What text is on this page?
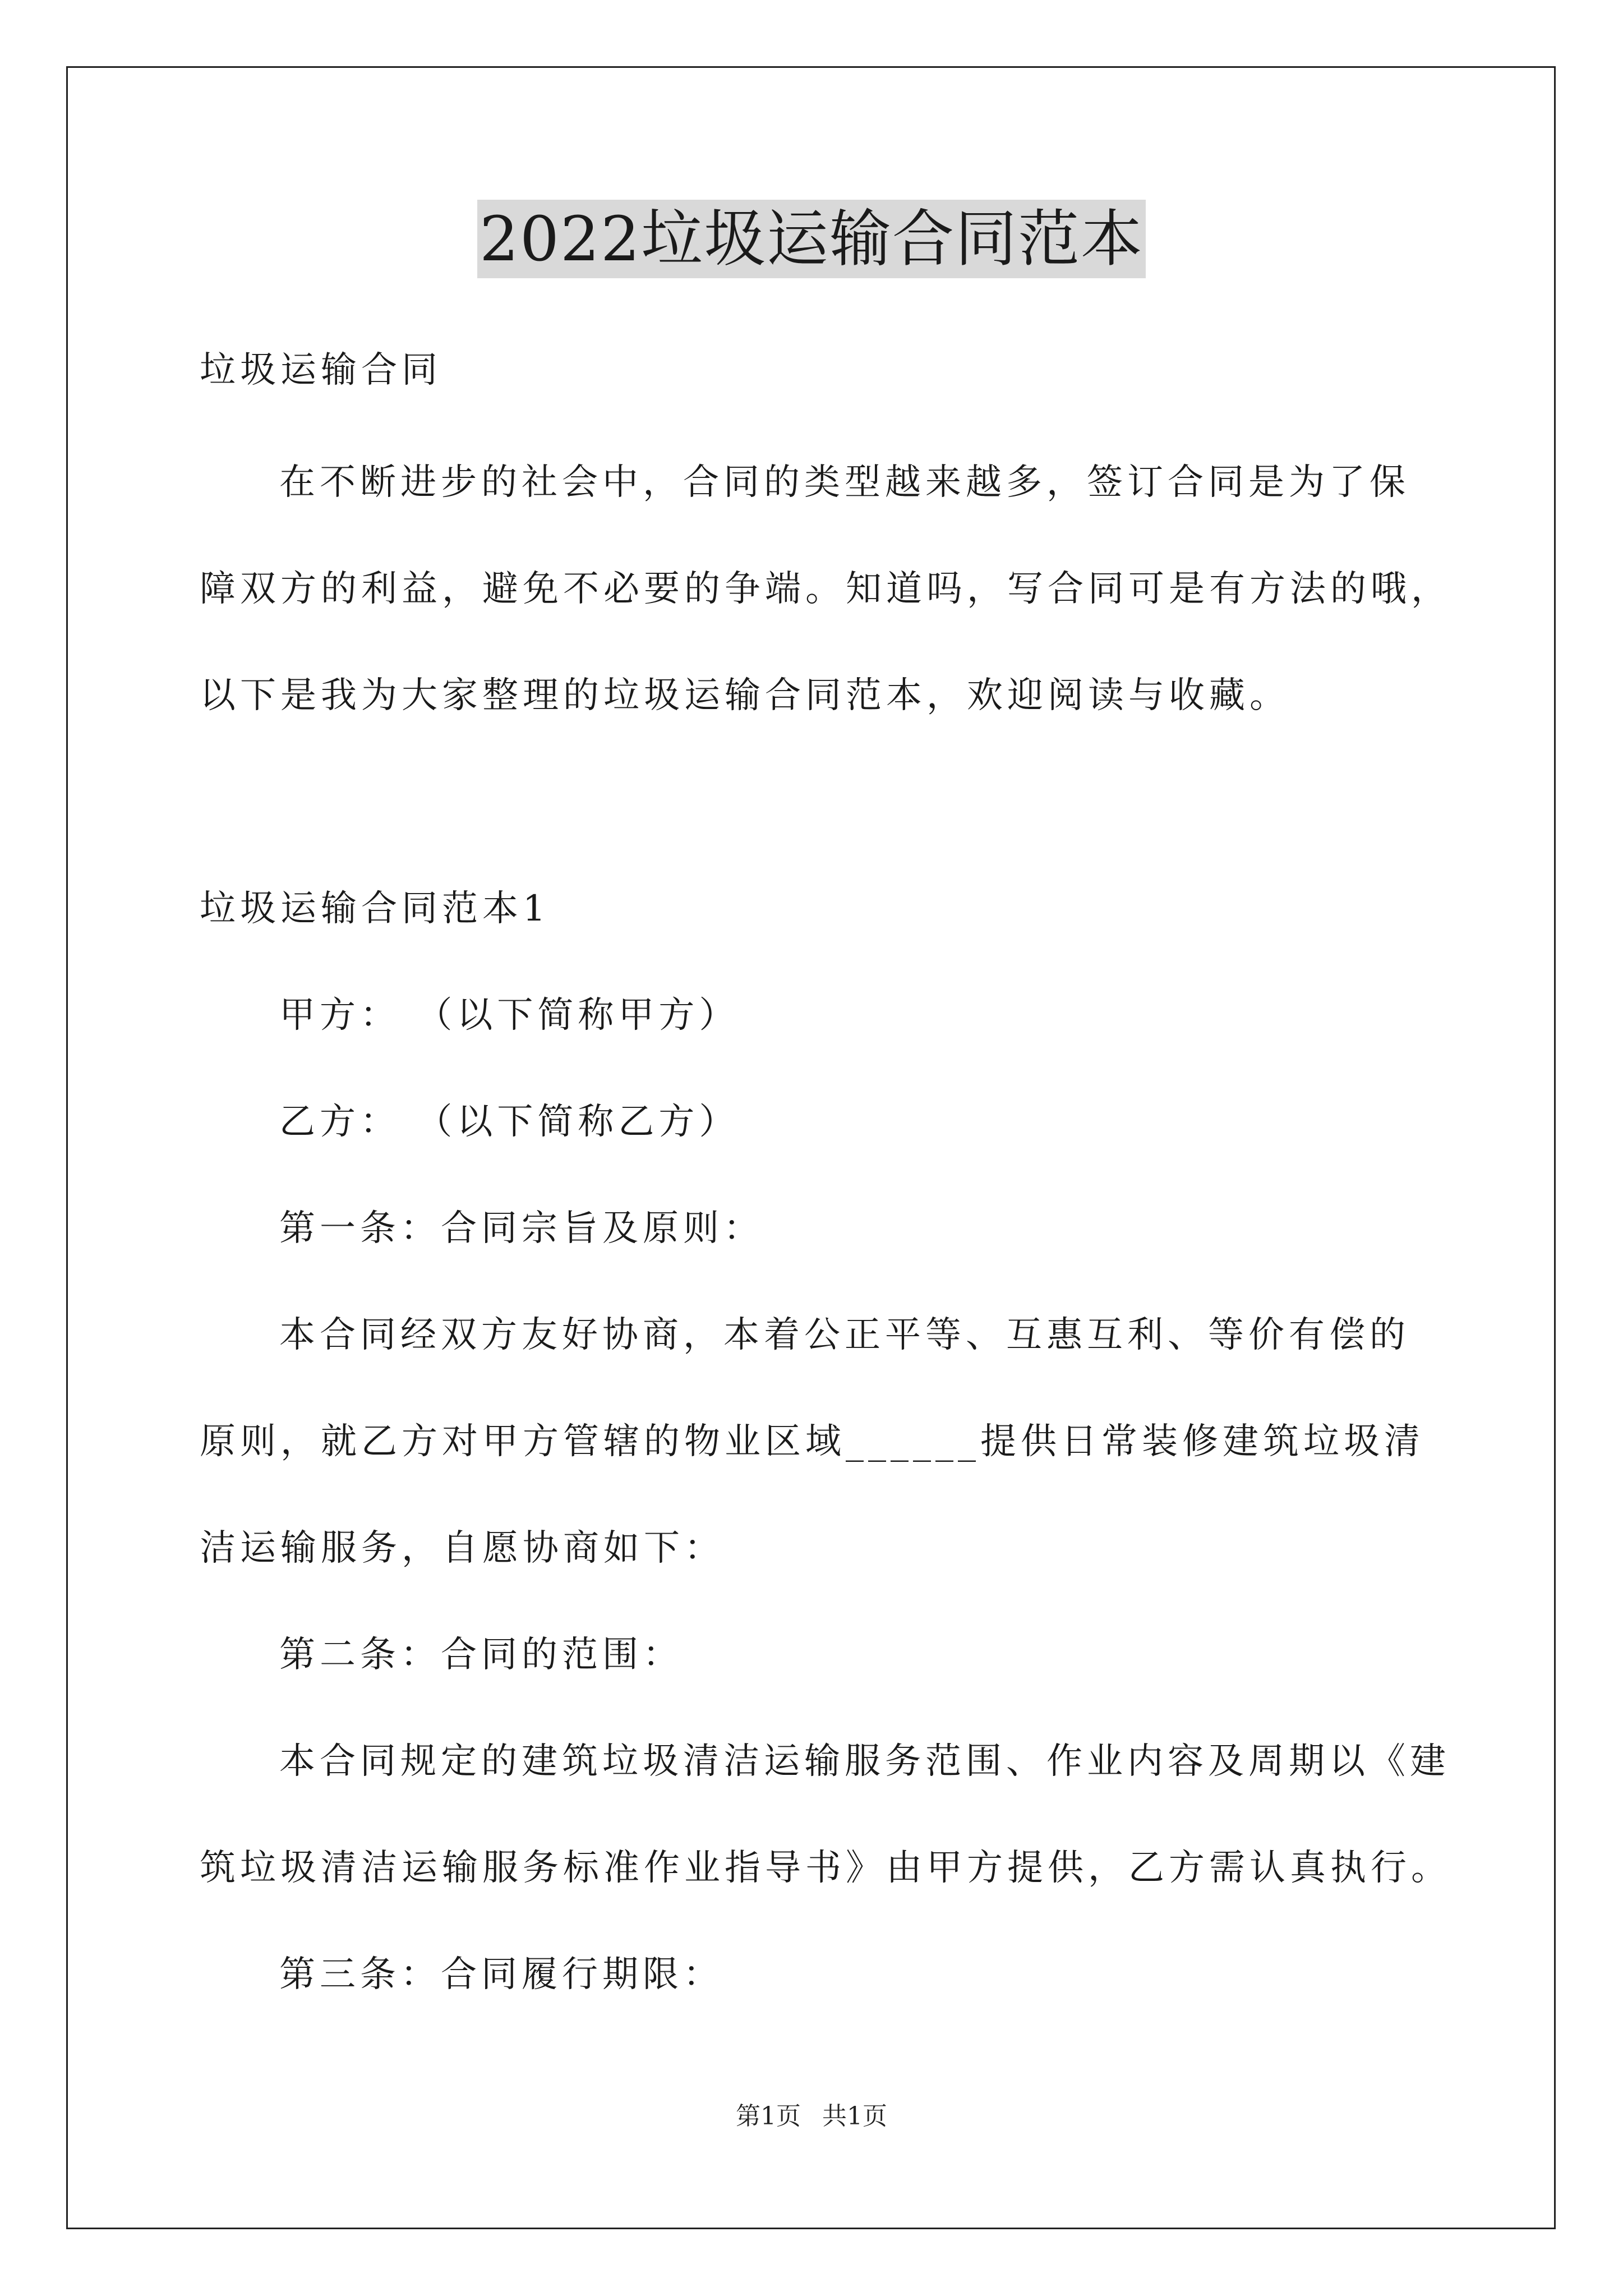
2022垃圾运输合同范本
垃圾运输合同
在不断进步的社会中，合同的类型越来越多，签订合同是为了保
障双方的利益，避免不必要的争端。知道吗，写合同可是有方法的哦，
以下是我为大家整理的垃圾运输合同范本，欢迎阅读与收藏。
垃圾运输合同范本1
甲方： （以下简称甲方）
乙方： （以下简称乙方）
第一条：合同宗旨及原则：
本合同经双方友好协商，本着公正平等、互惠互利、等价有偿的
原则，就乙方对甲方管辖的物业区域______提供日常装修建筑垃圾清
洁运输服务，自愿协商如下：
第二条：合同的范围：
本合同规定的建筑垃圾清洁运输服务范围、作业内容及周期以《建
筑垃圾清洁运输服务标准作业指导书》由甲方提供，乙方需认真执行。
第三条：合同履行期限：
第1页 共1页
